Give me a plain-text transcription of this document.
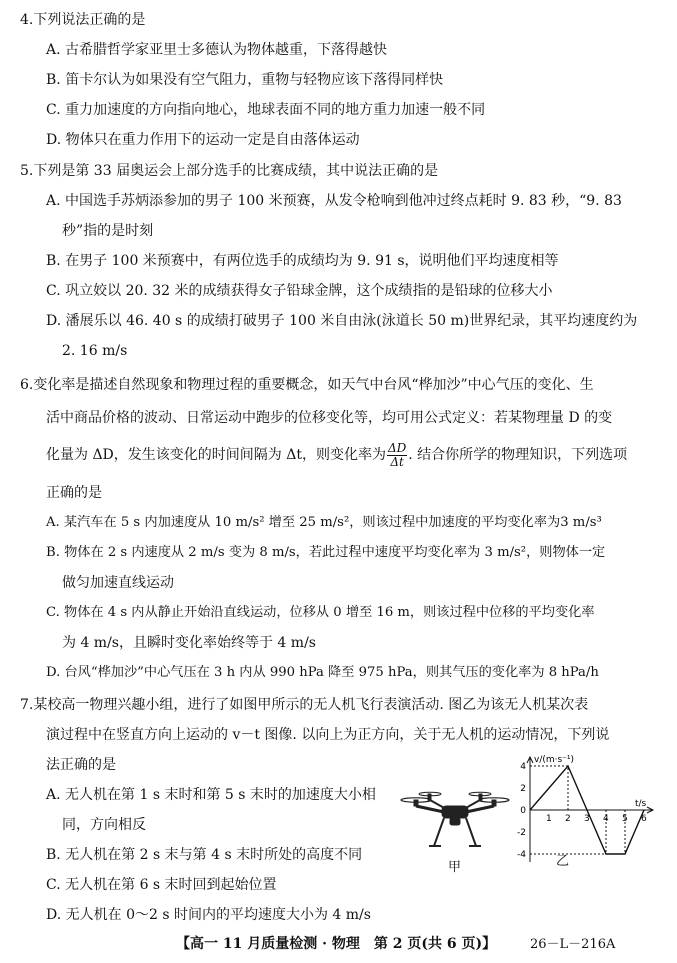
4.下列说法正确的是
A. 古希腊哲学家亚里士多德认为物体越重，下落得越快
B. 笛卡尔认为如果没有空气阻力，重物与轻物应该下落得同样快
C. 重力加速度的方向指向地心，地球表面不同的地方重力加速一般不同
D. 物体只在重力作用下的运动一定是自由落体运动
5.下列是第 33 届奥运会上部分选手的比赛成绩，其中说法正确的是
A. 中国选手苏炳添参加的男子 100 米预赛，从发令枪响到他冲过终点耗时 9. 83 秒，“9. 83
秒”指的是时刻
B. 在男子 100 米预赛中，有两位选手的成绩均为 9. 91 s，说明他们平均速度相等
C. 巩立姣以 20. 32 米的成绩获得女子铅球金牌，这个成绩指的是铅球的位移大小
D. 潘展乐以 46. 40 s 的成绩打破男子 100 米自由泳(泳道长 50 m)世界纪录，其平均速度约为
2. 16 m/s
6.变化率是描述自然现象和物理过程的重要概念，如天气中台风“桦加沙”中心气压的变化、生
活中商品价格的波动、日常运动中跑步的位移变化等，均可用公式定义：若某物理量 D 的变
化量为 ΔD，发生该变化的时间间隔为 Δt，则变化率为 $\frac{\Delta D}{\Delta t}$ . 结合你所学的物理知识，下列选项
正确的是
A. 某汽车在 5 s 内加速度从 10 m/s² 增至 25 m/s²，则该过程中加速度的平均变化率为3 m/s³
B. 物体在 2 s 内速度从 2 m/s 变为 8 m/s，若此过程中速度平均变化率为 3 m/s²，则物体一定
做匀加速直线运动
C. 物体在 4 s 内从静止开始沿直线运动，位移从 0 增至 16 m，则该过程中位移的平均变化率
为 4 m/s，且瞬时变化率始终等于 4 m/s
D. 台风“桦加沙”中心气压在 3 h 内从 990 hPa 降至 975 hPa，则其气压的变化率为 8 hPa/h
7.某校高一物理兴趣小组，进行了如图甲所示的无人机飞行表演活动. 图乙为该无人机某次表
演过程中在竖直方向上运动的 v－t 图像. 以向上为正方向，关于无人机的运动情况，下列说
法正确的是
A. 无人机在第 1 s 末时和第 5 s 末时的加速度大小相
同，方向相反
B. 无人机在第 2 s 末与第 4 s 末时所处的高度不同
C. 无人机在第 6 s 末时回到起始位置
D. 无人机在 0～2 s 时间内的平均速度大小为 4 m/s
甲
1 2 3 4 5 6
4
2
0
-2
-4
v/(m·s⁻¹)
t/s
乙
【高一 11 月质量检测 · 物理　第 2 页(共 6 页)】	26－L－216A
